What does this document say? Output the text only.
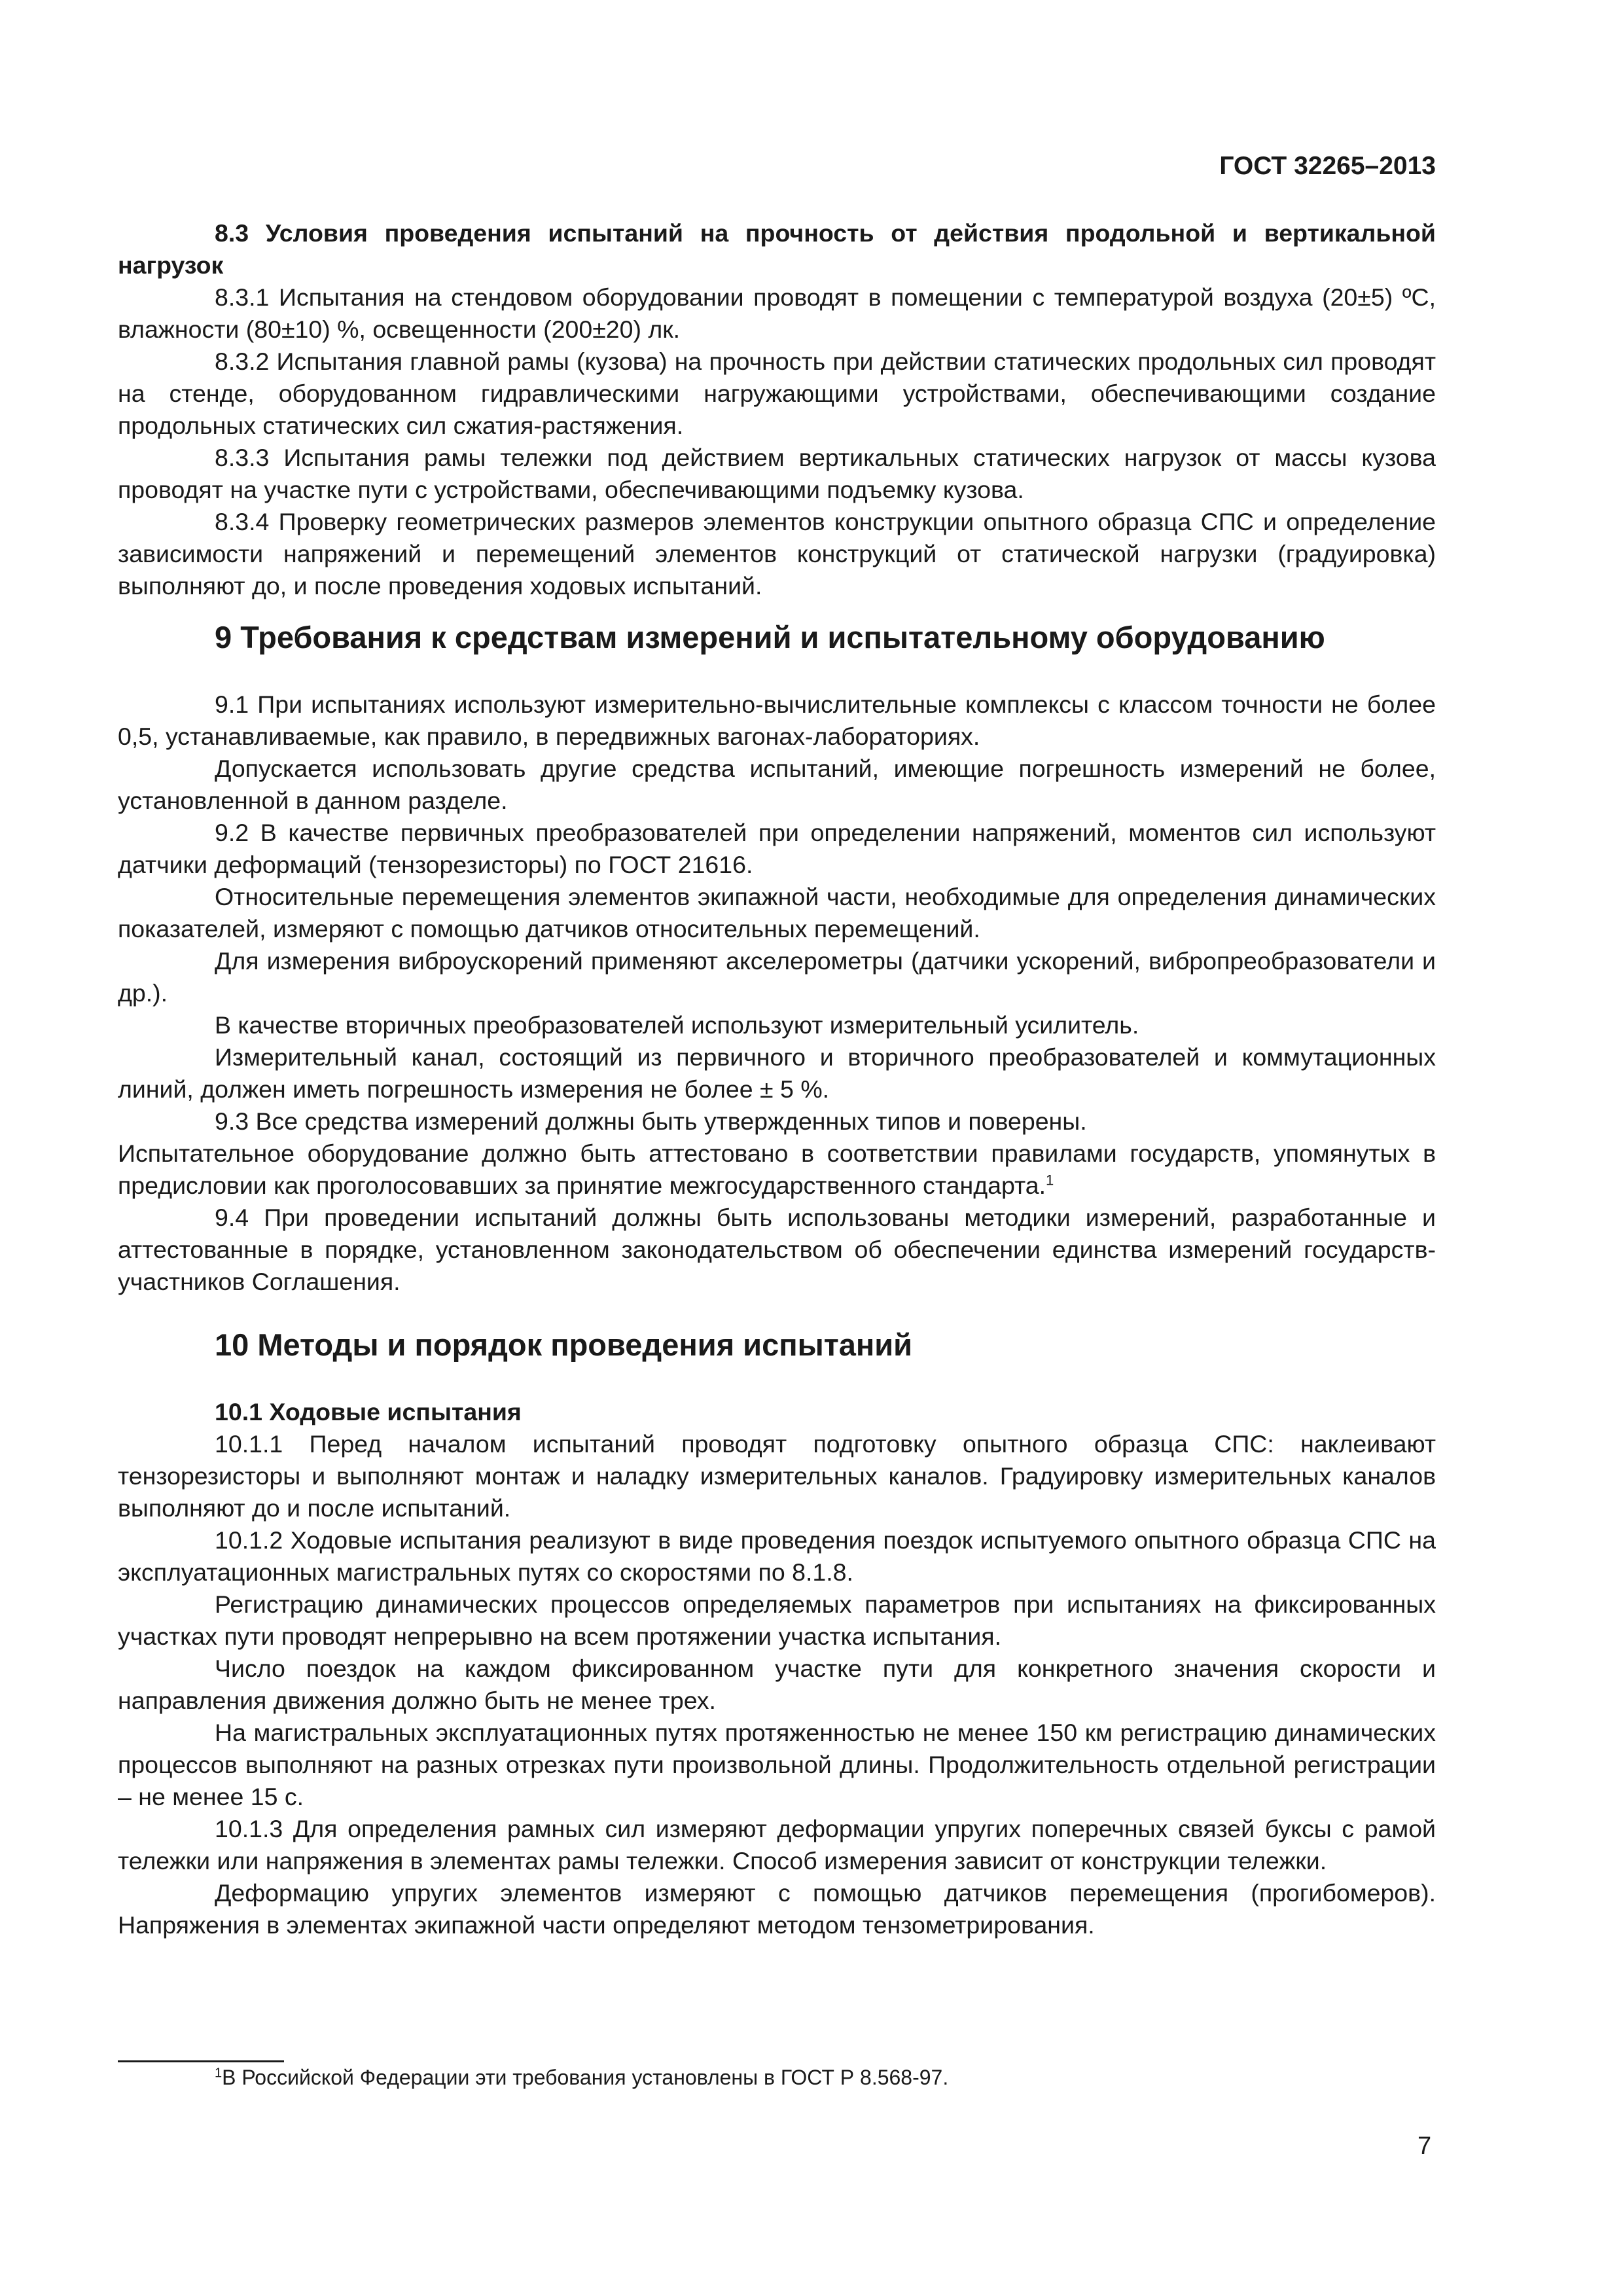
ГОСТ 32265–2013

8.3 Условия проведения испытаний на прочность от действия продольной и вертикальной нагрузок

8.3.1 Испытания на стендовом оборудовании проводят в помещении с температурой воздуха (20±5) ºС, влажности (80±10) %, освещенности (200±20) лк.

8.3.2 Испытания главной рамы (кузова) на прочность при действии статических продольных сил проводят на стенде, оборудованном гидравлическими нагружающими устройствами, обеспечивающими создание продольных статических сил сжатия-растяжения.

8.3.3 Испытания рамы тележки под действием вертикальных статических нагрузок от массы кузова проводят на участке пути с устройствами, обеспечивающими подъемку кузова.

8.3.4 Проверку геометрических размеров элементов конструкции опытного образца СПС и определение зависимости напряжений и перемещений элементов конструкций от статической нагрузки (градуировка) выполняют до, и после проведения ходовых испытаний.

9 Требования к средствам измерений и испытательному оборудованию

9.1 При испытаниях используют измерительно-вычислительные комплексы с классом точности не более 0,5, устанавливаемые, как правило, в передвижных вагонах-лабораториях.

Допускается использовать другие средства испытаний, имеющие погрешность измерений не более, установленной в данном разделе.

9.2 В качестве первичных преобразователей при определении напряжений, моментов сил используют датчики деформаций (тензорезисторы) по ГОСТ 21616.

Относительные перемещения элементов экипажной части, необходимые для определения динамических показателей, измеряют с помощью датчиков относительных перемещений.

Для измерения виброускорений применяют акселерометры (датчики ускорений, вибропреобразователи и др.).

В качестве вторичных преобразователей используют измерительный усилитель.

Измерительный канал, состоящий из первичного и вторичного преобразователей и коммутационных линий, должен иметь погрешность измерения не более ± 5 %.

9.3 Все средства измерений должны быть утвержденных типов и поверены.

Испытательное оборудование должно быть аттестовано в соответствии правилами государств, упомянутых в предисловии как проголосовавших за принятие межгосударственного стандарта.$^1$

9.4 При проведении испытаний должны быть использованы методики измерений, разработанные и аттестованные в порядке, установленном законодательством об обеспечении единства измерений государств-участников Соглашения.

10 Методы и порядок проведения испытаний

10.1 Ходовые испытания

10.1.1 Перед началом испытаний проводят подготовку опытного образца СПС: наклеивают тензорезисторы и выполняют монтаж и наладку измерительных каналов. Градуировку измерительных каналов выполняют до и после испытаний.

10.1.2 Ходовые испытания реализуют в виде проведения поездок испытуемого опытного образца СПС на эксплуатационных магистральных путях со скоростями по 8.1.8.

Регистрацию динамических процессов определяемых параметров при испытаниях на фиксированных участках пути проводят непрерывно на всем протяжении участка испытания.

Число поездок на каждом фиксированном участке пути для конкретного значения скорости и направления движения должно быть не менее трех.

На магистральных эксплуатационных путях протяженностью не менее 150 км регистрацию динамических процессов выполняют на разных отрезках пути произвольной длины. Продолжительность отдельной регистрации – не менее 15 с.

10.1.3 Для определения рамных сил измеряют деформации упругих поперечных связей буксы с рамой тележки или напряжения в элементах рамы тележки. Способ измерения зависит от конструкции тележки.

Деформацию упругих элементов измеряют с помощью датчиков перемещения (прогибомеров). Напряжения в элементах экипажной части определяют методом тензометрирования.

$^1$В Российской Федерации эти требования установлены в ГОСТ Р 8.568-97.
7
